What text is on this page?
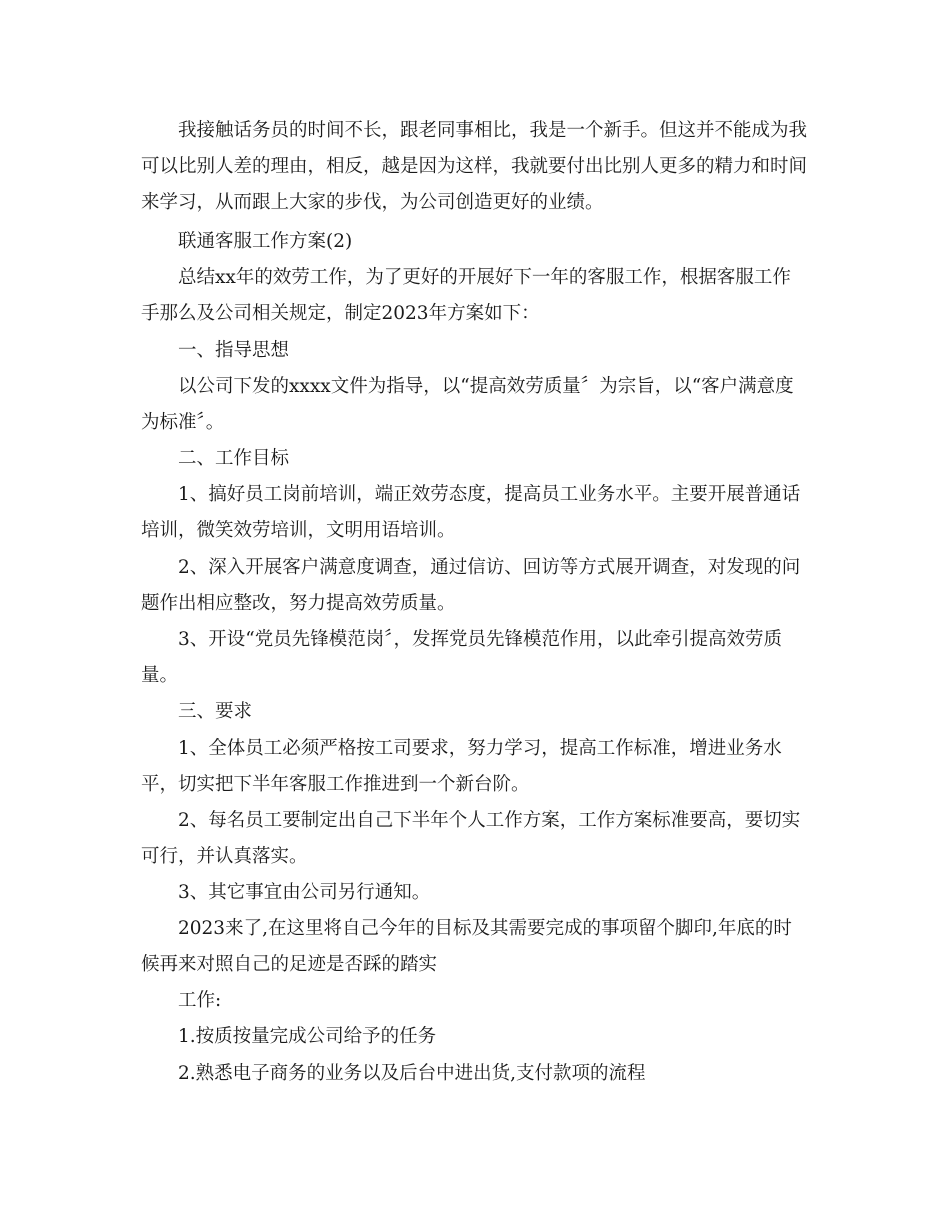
我接触话务员的时间不长，跟老同事相比，我是一个新手。但这并不能成为我可以比别人差的理由，相反，越是因为这样，我就要付出比别人更多的精力和时间来学习，从而跟上大家的步伐，为公司创造更好的业绩。

联通客服工作方案(2)

总结xx年的效劳工作，为了更好的开展好下一年的客服工作，根据客服工作手那么及公司相关规定，制定2023年方案如下：

一、指导思想

以公司下发的xxxx文件为指导，以“提高效劳质量〞为宗旨，以“客户满意度为标准〞。

二、工作目标

1、搞好员工岗前培训，端正效劳态度，提高员工业务水平。主要开展普通话培训，微笑效劳培训，文明用语培训。

2、深入开展客户满意度调查，通过信访、回访等方式展开调查，对发现的问题作出相应整改，努力提高效劳质量。

3、开设“党员先锋模范岗〞，发挥党员先锋模范作用，以此牵引提高效劳质量。

三、要求

1、全体员工必须严格按工司要求，努力学习，提高工作标准，增进业务水平，切实把下半年客服工作推进到一个新台阶。

2、每名员工要制定出自己下半年个人工作方案，工作方案标准要高，要切实可行，并认真落实。

3、其它事宜由公司另行通知。

2023来了,在这里将自己今年的目标及其需要完成的事项留个脚印,年底的时候再来对照自己的足迹是否踩的踏实

工作:

1.按质按量完成公司给予的任务

2.熟悉电子商务的业务以及后台中进出货,支付款项的流程
